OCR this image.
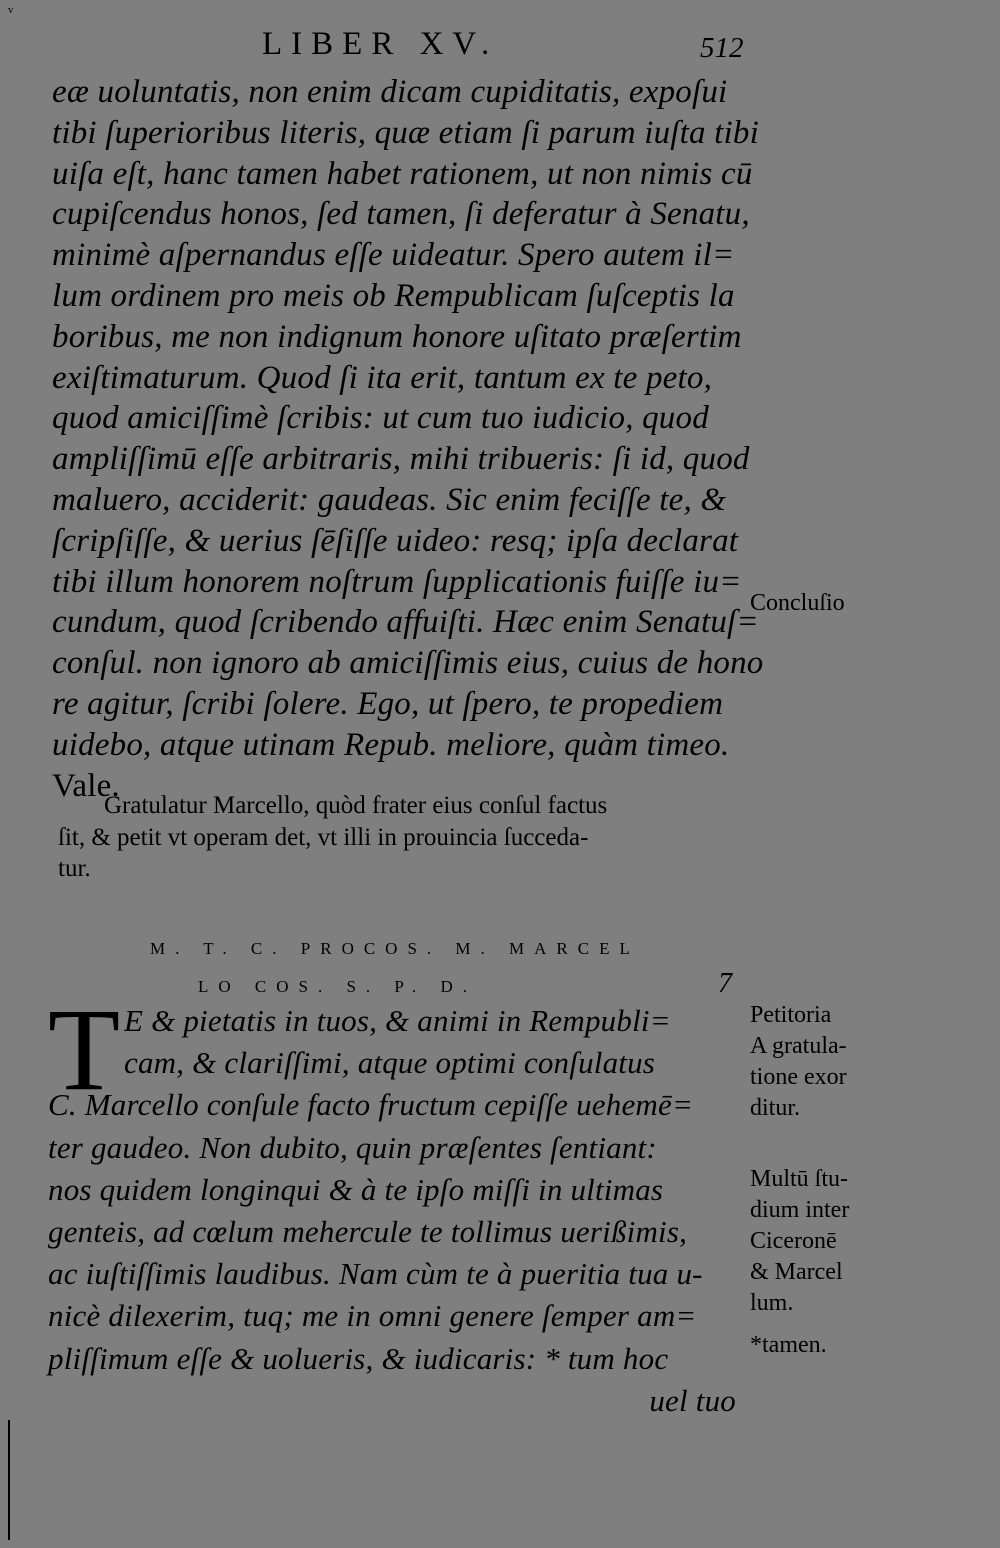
ᵛ
LIBER XV.	512
eæ uoluntatis, non enim dicam cupiditatis, expoſui
tibi ſuperioribus literis, quæ etiam ſi parum iuſta tibi
uiſa eſt, hanc tamen habet rationem, ut non nimis cū
cupiſcendus honos, ſed tamen, ſi deferatur à Senatu,
minimè aſpernandus eſſe uideatur. Spero autem il=
lum ordinem pro meis ob Rempublicam ſuſceptis la
boribus, me non indignum honore uſitato præſertim
exiſtimaturum. Quod ſi ita erit, tantum ex te peto,
quod amiciſſimè ſcribis: ut cum tuo iudicio, quod
ampliſſimū eſſe arbitraris, mihi tribueris: ſi id, quod
maluero, acciderit: gaudeas. Sic enim feciſſe te, &
ſcripſiſſe, & uerius ſēſiſſe uideo: resq; ipſa declarat
tibi illum honorem noſtrum ſupplicationis fuiſſe iu=
cundum, quod ſcribendo affuiſti. Hæc enim Senatuſ=
conſul. non ignoro ab amiciſſimis eius, cuius de hono
re agitur, ſcribi ſolere. Ego, ut ſpero, te propediem
uidebo, atque utinam Repub. meliore, quàm timeo.
Vale.
Concluſio
Gratulatur Marcello, quòd frater eius conſul factus
ſit, & petit vt operam det, vt illi in prouincia ſucceda-
tur.
M. T. C. PROCOS. M. MARCEL
LO COS. S. P. D.	7
T E & pietatis in tuos, & animi in Rempubli=
cam, & clariſſimi, atque optimi conſulatus
C. Marcello conſule facto fructum cepiſſe uehemē=
ter gaudeo. Non dubito, quin præſentes ſentiant:
nos quidem longinqui & à te ipſo miſſi in ultimas
genteis, ad cœlum mehercule te tollimus uerißimis,
ac iuſtiſſimis laudibus. Nam cùm te à pueritia tua u-
nicè dilexerim, tuq; me in omni genere ſemper am=
pliſſimum eſſe & uolueris, & iudicaris: * tum hoc
uel tuo
Petitoria
A gratula-
tione exor
ditur.
Multū ſtu-
dium inter
Ciceronē
& Marcel
lum.
*tamen.
